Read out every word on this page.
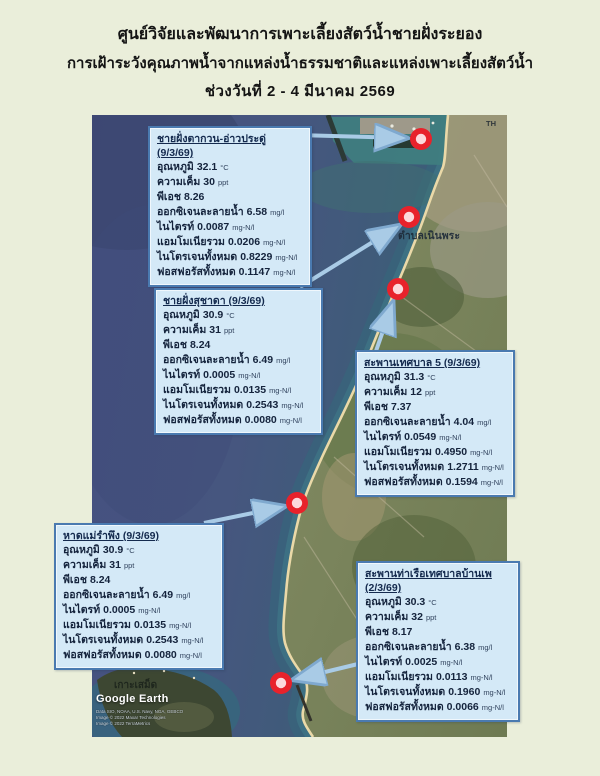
ศูนย์วิจัยและพัฒนาการเพาะเลี้ยงสัตว์น้ำชายฝั่งระยอง
การเฝ้าระวังคุณภาพน้ำจากแหล่งน้ำธรรมชาติและแหล่งเพาะเลี้ยงสัตว์น้ำ
ช่วงวันที่ 2 - 4 มีนาคม 2569
ตำบลเนินพระ
เกาะเสม็ด
TH
Google Earth
Data SIO, NOAA, U.S. Navy, NGA, GEBCO
Image © 2022 Maxar Technologies
Image © 2022 TerraMetrics
ชายฝั่งตากวน-อ่าวประดู่
(9/3/69)
อุณหภูมิ 32.1 °C
ความเค็ม 30 ppt
พีเอช 8.26
ออกซิเจนละลายน้ำ 6.58 mg/l
ไนไตรท์ 0.0087 mg-N/l
แอมโมเนียรวม 0.0206 mg-N/l
ไนโตรเจนทั้งหมด 0.8229 mg-N/l
ฟอสฟอรัสทั้งหมด 0.1147 mg-N/l
ชายฝั่งสุชาดา (9/3/69)
อุณหภูมิ 30.9 °C
ความเค็ม 31 ppt
พีเอช 8.24
ออกซิเจนละลายน้ำ 6.49 mg/l
ไนไตรท์ 0.0005 mg-N/l
แอมโมเนียรวม 0.0135 mg-N/l
ไนโตรเจนทั้งหมด 0.2543 mg-N/l
ฟอสฟอรัสทั้งหมด 0.0080 mg-N/l
สะพานเทศบาล 5 (9/3/69)
อุณหภูมิ 31.3 °C
ความเค็ม 12 ppt
พีเอช 7.37
ออกซิเจนละลายน้ำ 4.04 mg/l
ไนไตรท์ 0.0549 mg-N/l
แอมโมเนียรวม 0.4950 mg-N/l
ไนโตรเจนทั้งหมด 1.2711 mg-N/l
ฟอสฟอรัสทั้งหมด 0.1594 mg-N/l
หาดแม่รำพึง (9/3/69)
อุณหภูมิ 30.9 °C
ความเค็ม 31 ppt
พีเอช 8.24
ออกซิเจนละลายน้ำ 6.49 mg/l
ไนไตรท์ 0.0005 mg-N/l
แอมโมเนียรวม 0.0135 mg-N/l
ไนโตรเจนทั้งหมด 0.2543 mg-N/l
ฟอสฟอรัสทั้งหมด 0.0080 mg-N/l
สะพานท่าเรือเทศบาลบ้านเพ
(2/3/69)
อุณหภูมิ 30.3 °C
ความเค็ม 32 ppt
พีเอช 8.17
ออกซิเจนละลายน้ำ 6.38 mg/l
ไนไตรท์ 0.0025 mg-N/l
แอมโมเนียรวม 0.0113 mg-N/l
ไนโตรเจนทั้งหมด 0.1960 mg-N/l
ฟอสฟอรัสทั้งหมด 0.0066 mg-N/l
